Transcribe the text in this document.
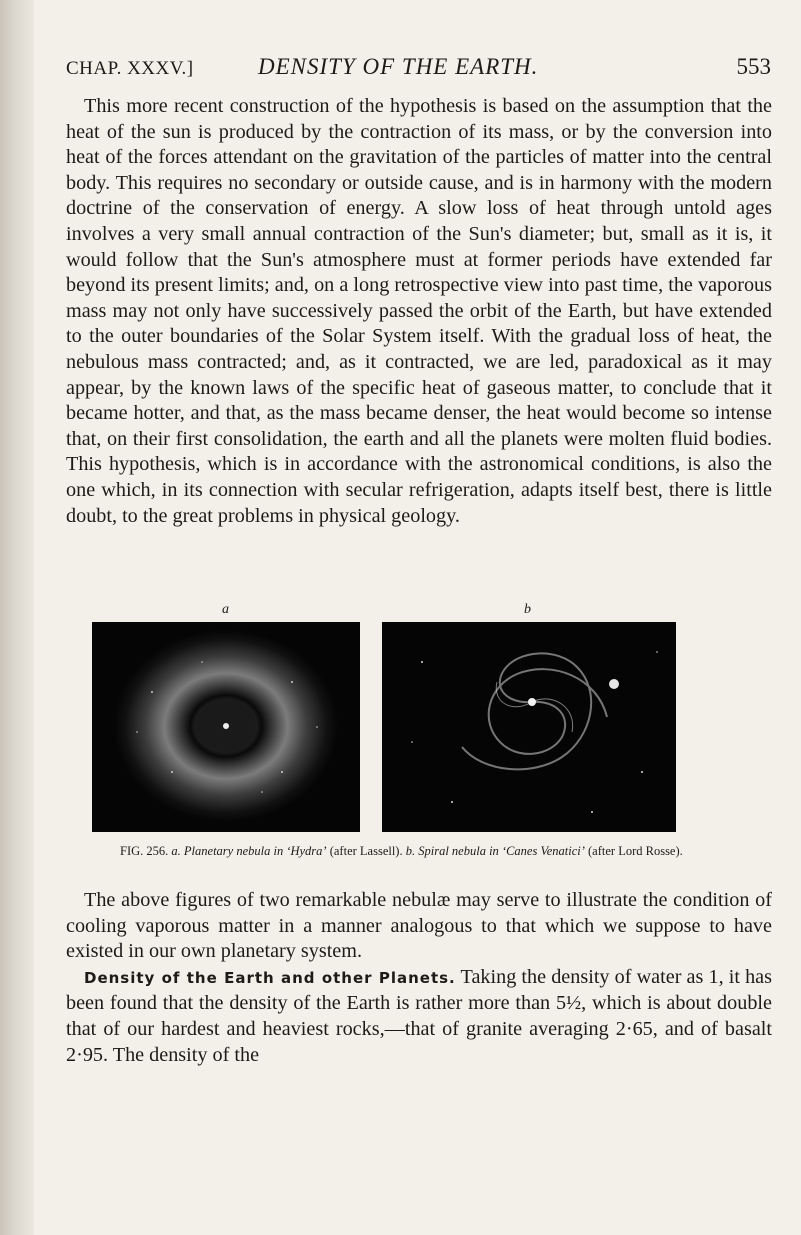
CHAP. XXXV.]	DENSITY OF THE EARTH.	553

This more recent construction of the hypothesis is based on the assumption that the heat of the sun is produced by the contraction of its mass, or by the conversion into heat of the forces attendant on the gravitation of the particles of matter into the central body. This requires no secondary or outside cause, and is in harmony with the modern doctrine of the conservation of energy. A slow loss of heat through untold ages involves a very small annual contraction of the Sun's diameter; but, small as it is, it would follow that the Sun's atmosphere must at former periods have extended far beyond its present limits; and, on a long retrospective view into past time, the vaporous mass may not only have successively passed the orbit of the Earth, but have extended to the outer boundaries of the Solar System itself. With the gradual loss of heat, the nebulous mass contracted; and, as it contracted, we are led, paradoxical as it may appear, by the known laws of the specific heat of gaseous matter, to conclude that it became hotter, and that, as the mass became denser, the heat would become so intense that, on their first consolidation, the earth and all the planets were molten fluid bodies. This hypothesis, which is in accordance with the astronomical conditions, is also the one which, in its connection with secular refrigeration, adapts itself best, there is little doubt, to the great problems in physical geology.

a	b
FIG. 256. a. Planetary nebula in ‘Hydra’ (after Lassell). b. Spiral nebula in ‘Canes Venatici’ (after Lord Rosse).
The above figures of two remarkable nebulæ may serve to illustrate the condition of cooling vaporous matter in a manner analogous to that which we suppose to have existed in our own planetary system.
Density of the Earth and other Planets. Taking the density of water as 1, it has been found that the density of the Earth is rather more than 5½, which is about double that of our hardest and heaviest rocks,—that of granite averaging 2·65, and of basalt 2·95. The density of the
